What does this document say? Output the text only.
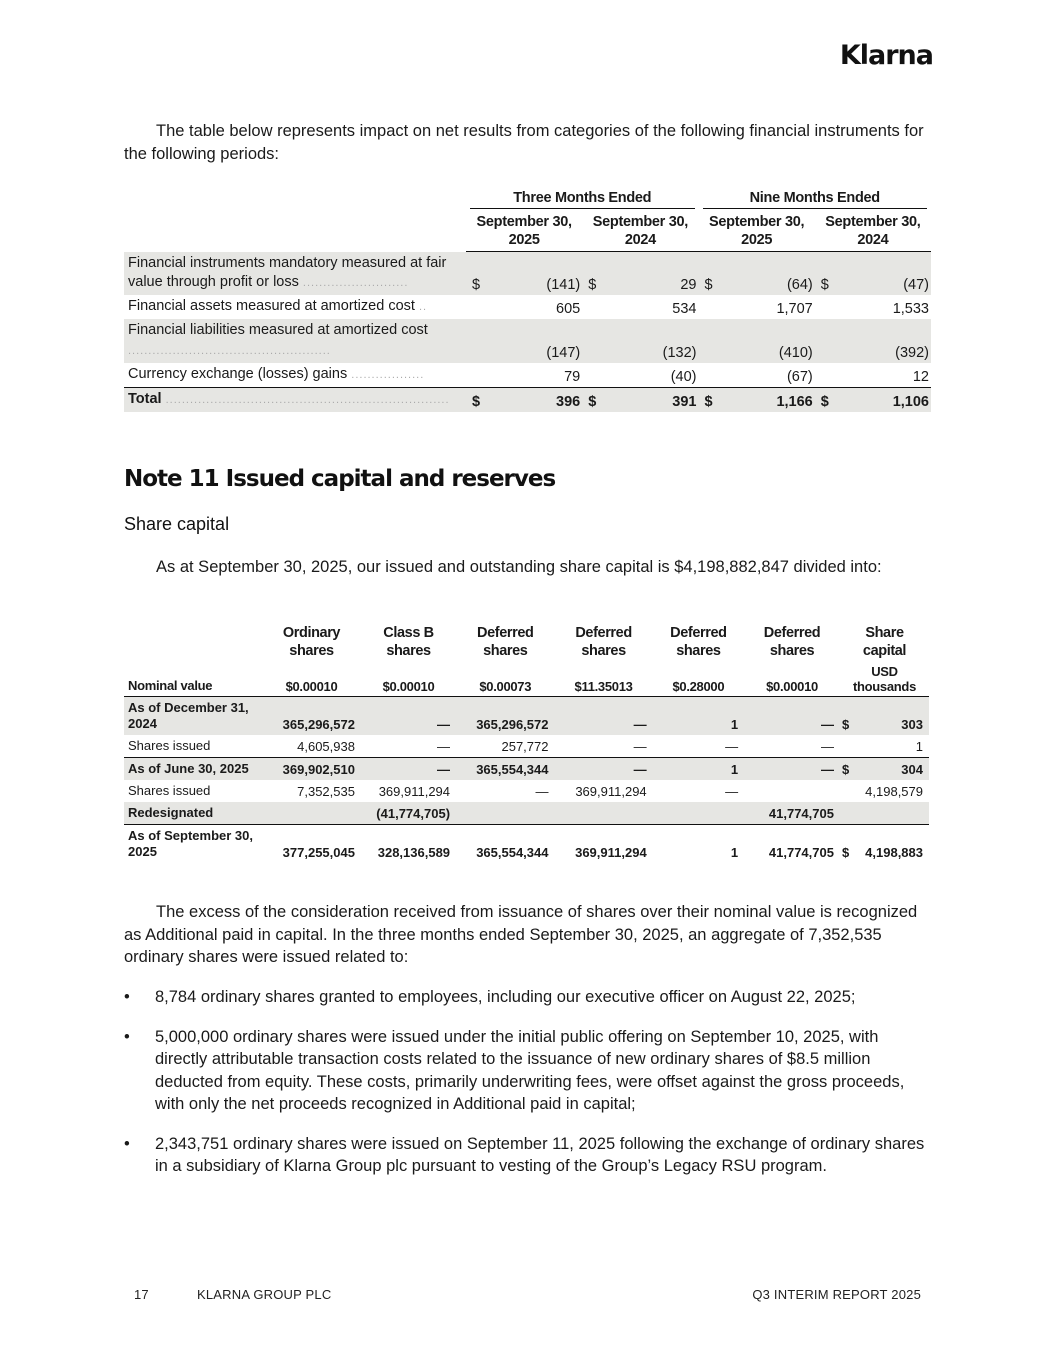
Klarna

The table below represents impact on net results from categories of the following financial instruments for the following periods:

	Three Months Ended				Nine Months Ended			

	September 30, 2025		September 30, 2024		September 30, 2025		September 30, 2024	
Financial instruments mandatory measured at fair value through profit or loss ..........................	$	(141)	$	29	$	(64)	$	(47)
Financial assets measured at amortized cost ..		605		534		1,707		1,533
Financial liabilities measured at amortized cost ..................................................		(147)		(132)		(410)		(392)
Currency exchange (losses) gains ..................		79		(40)		(67)		12
Total ......................................................................	$	396	$	391	$	1,166	$	1,106
Note 11 Issued capital and reserves
Share capital

As at September 30, 2025, our issued and outstanding share capital is $4,198,882,847 divided into:

	Ordinary shares	Class B shares	Deferred shares	Deferred shares	Deferred shares	Deferred shares	Share capital	
Nominal value	$0.00010	$0.00010	$0.00073	$11.35013	$0.28000	$0.00010	USD thousands	
As of December 31, 2024	365,296,572	—	365,296,572	—	1	—	$	303
Shares issued	4,605,938	—	257,772	—	—	—		1
As of June 30, 2025	369,902,510	—	365,554,344	—	1	—	$	304
Shares issued	7,352,535	369,911,294	—	369,911,294	—			4,198,579
Redesignated		(41,774,705)				41,774,705		
As of September 30, 2025	377,255,045	328,136,589	365,554,344	369,911,294	1	41,774,705	$	4,198,883

The excess of the consideration received from issuance of shares over their nominal value is recognized as Additional paid in capital. In the three months ended September 30, 2025, an aggregate of 7,352,535 ordinary shares were issued related to:

• 8,784 ordinary shares granted to employees, including our executive officer on August 22, 2025;
• 5,000,000 ordinary shares were issued under the initial public offering on September 10, 2025, with directly attributable transaction costs related to the issuance of new ordinary shares of $8.5 million deducted from equity. These costs, primarily underwriting fees, were offset against the gross proceeds, with only the net proceeds recognized in Additional paid in capital;
• 2,343,751 ordinary shares were issued on September 11, 2025 following the exchange of ordinary shares in a subsidiary of Klarna Group plc pursuant to vesting of the Group’s Legacy RSU program.
17	KLARNA GROUP PLC	Q3 INTERIM REPORT 2025
